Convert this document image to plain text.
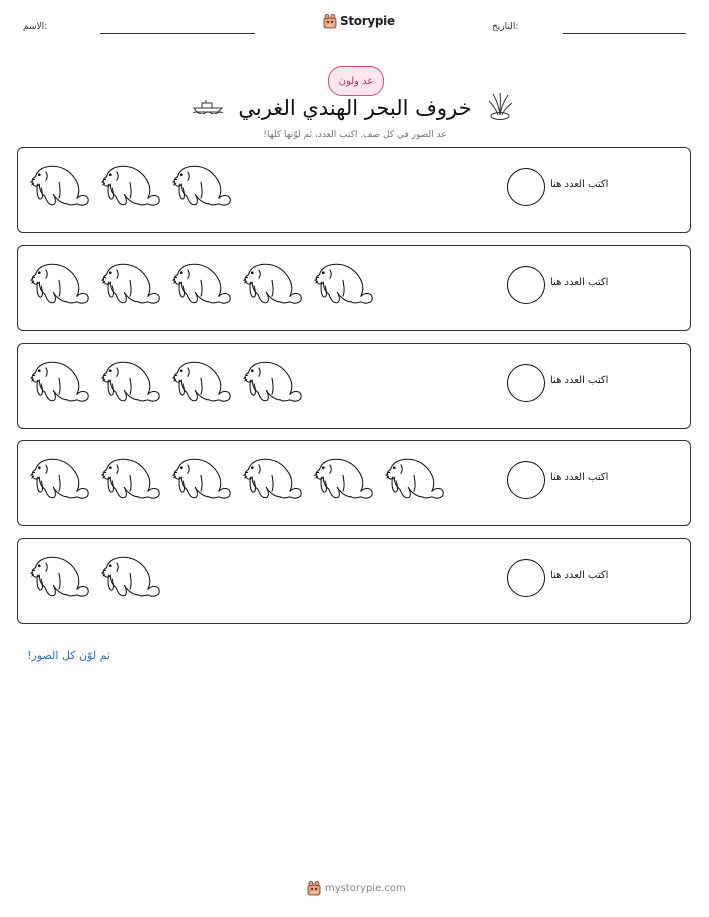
الاسم:	Storypie	التاريخ:
عد ولون
خروف البحر الهندي الغربي
عد الصور في كل صف. اكتب العدد، ثم لوّنها كلها!
اكتب العدد هنا
اكتب العدد هنا
اكتب العدد هنا
اكتب العدد هنا
اكتب العدد هنا
ثم لوّن كل الصور!
mystorypie.com
